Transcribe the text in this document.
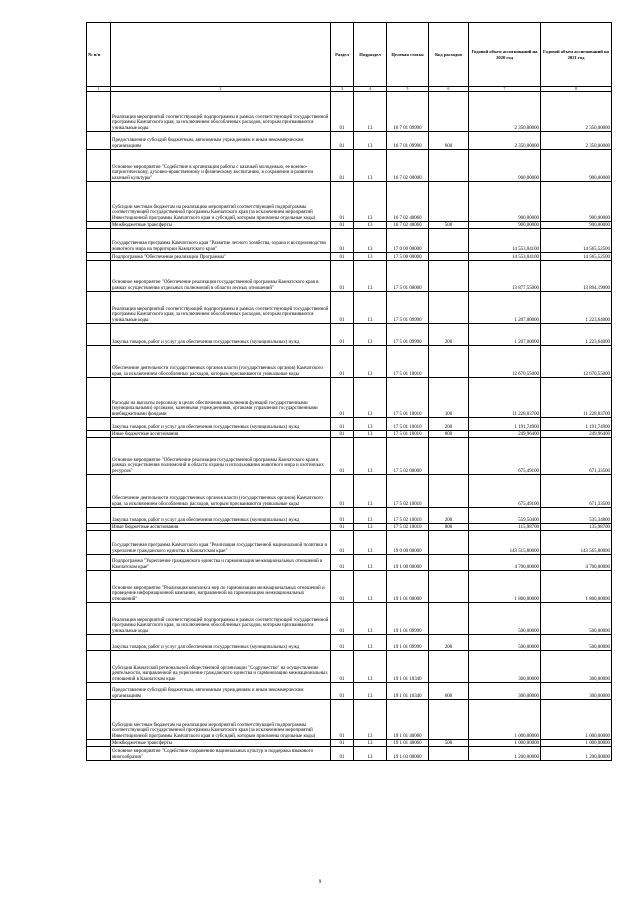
№ п/п		Раздел	Подраздел	Целевая статья	Код расходов	Годовой объем ассигнований на 2020 год	Годовой объем ассигнований на 2021 год
1	2	3	4	5	6	7	8
	Реализация мероприятий соответствующей подпрограммы в рамках соответствующей государственной программы Камчатского края, за исключением обособленных расходов, которым присваиваются уникальные коды	01	13	16 7 01 09990		2 350,00000	2 350,00000
	Предоставление субсидий бюджетным, автономным учреждениям и иным некоммерческим организациям	01	13	16 7 01 09990	600	2 350,00000	2 350,00000
	Основное мероприятие "Содействие в организации работы с казачьей молодежью, ее военно-патриотическому, духовно-нравственному и физическому воспитанию, в сохранении и развитии казачьей культуры"	01	13	16 7 02 00000		900,00000	900,00000
	Субсидии местным бюджетам на реализацию мероприятий соответствующей подпрограммы соответствующей государственной программы Камчатского края (за исключением мероприятий Инвестиционной программы Камчатского края и субсидий, которым присвоены отдельные коды)	01	13	16 7 02 40060		900,00000	900,00000
	Межбюджетные трансферты	01	13	16 7 02 40060	500	900,00000	900,00000
	Государственная программа Камчатского края "Развитие лесного хозяйства, охрана и воспроизводство животного мира на территории Камчатского края"	01	13	17 0 00 00000		14 553,04100	14 565,52500
	Подпрограмма "Обеспечение реализации Программы"	01	13	17 5 00 00000		14 553,04100	14 565,52500
	Основное мероприятие "Обеспечение реализации государственной программы Камчатского края в рамках осуществления отдельных полномочий в области лесных отношений"	01	13	17 5 01 00000		13 877,55000	13 894,19000
	Реализация мероприятий соответствующей подпрограммы в рамках соответствующей государственной программы Камчатского края, за исключением обособленных расходов, которым присваиваются уникальные коды	01	13	17 5 01 09990		1 207,00000	1 223,64000
	Закупка товаров, работ и услуг для обеспечения государственных (муниципальных) нужд	01	13	17 5 01 09990	200	1 207,00000	1 223,64000
	Обеспечение деятельности государственных органов власти (государственных органов) Камчатского края, за исключением обособленных расходов, которым присваиваются уникальные коды	01	13	17 5 01 10010		12 670,55000	12 670,55000
	Расходы на выплаты персоналу в целях обеспечения выполнения функций государственными (муниципальными) органами, казенными учреждениями, органами управления государственными внебюджетными фондами	01	13	17 5 01 10010	100	11 228,83700	11 228,83700
	Закупка товаров, работ и услуг для обеспечения государственных (муниципальных) нужд	01	13	17 5 01 10010	200	1 191,74900	1 191,74900
	Иные бюджетные ассигнования	01	13	17 5 01 10010	800	249,96400	249,96400
	Основное мероприятие "Обеспечение реализации государственной программы Камчатского края в рамках осуществления полномочий в области охраны и использования животного мира и охотничьих ресурсов"	01	13	17 5 02 00000		675,49100	671,33500
	Обеспечение деятельности государственных органов власти (государственных органов) Камчатского края, за исключением обособленных расходов, которым присваиваются уникальные коды	01	13	17 5 02 10010		675,49100	671,33500
	Закупка товаров, работ и услуг для обеспечения государственных (муниципальных) нужд	01	13	17 5 02 10010	200	559,50400	535,34800
	Иные бюджетные ассигнования	01	13	17 5 02 10010	800	115,98700	135,98700
	Государственная программа Камчатского края "Реализация государственной национальной политики и укрепление гражданского единства в Камчатском крае"	01	13	19 0 00 00000		143 515,80000	143 565,80000
	Подпрограмма "Укрепление гражданского единства и гармонизация межнациональных отношений в Камчатском крае"	01	13	19 1 00 00000		4 700,00000	4 700,00000
	Основное мероприятие "Реализация комплекса мер по гармонизации межнациональных отношений и проведение информационной кампании, направленной на гармонизацию межнациональных отношений"	01	13	19 1 01 00000		1 800,00000	1 800,00000
	Реализация мероприятий соответствующей подпрограммы в рамках соответствующей государственной программы Камчатского края, за исключением обособленных расходов, которым присваиваются уникальные коды	01	13	19 1 01 09990		500,00000	500,00000
	Закупка товаров, работ и услуг для обеспечения государственных (муниципальных) нужд	01	13	19 1 01 09990	200	500,00000	500,00000
	Субсидия Камчатской региональной общественной организации "Содружество" на осуществление деятельности, направленной на укрепление гражданского единства и гармонизацию межнациональных отношений в Камчатском крае	01	13	19 1 01 10340		300,00000	300,00000
	Предоставление субсидий бюджетным, автономным учреждениям и иным некоммерческим организациям	01	13	19 1 01 10340	600	300,00000	300,00000
	Субсидии местным бюджетам на реализацию мероприятий соответствующей подпрограммы соответствующей государственной программы Камчатского края (за исключением мероприятий Инвестиционной программы Камчатского края и субсидий, которым присвоены отдельные коды)	01	13	19 1 01 40060		1 000,00000	1 000,00000
	Межбюджетные трансферты	01	13	19 1 01 40060	500	1 000,00000	1 000,00000
	Основное мероприятие "Содействие сохранению национальных культур и поддержка языкового многообразия"	01	13	19 1 03 00000		1 200,00000	1 200,00000
9
